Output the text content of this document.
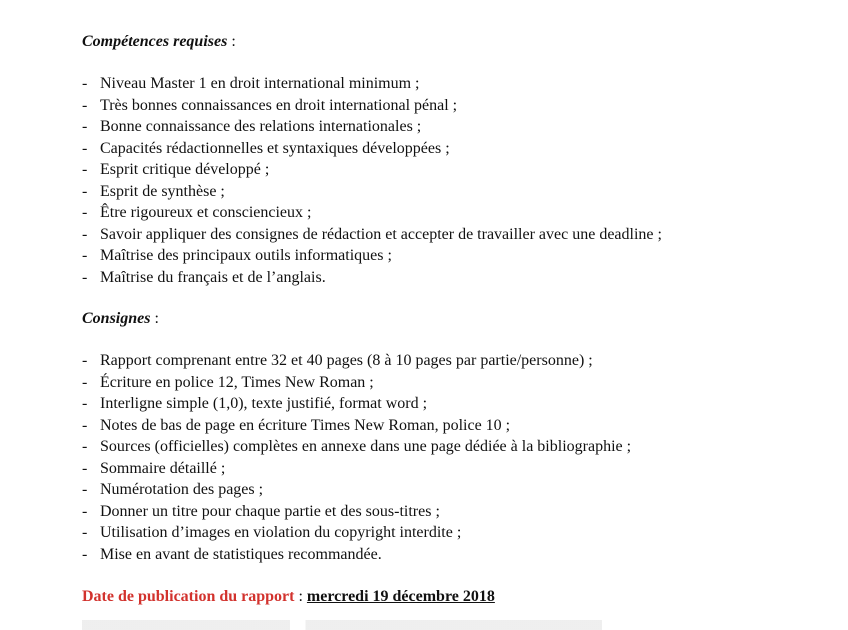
Compétences requises :

- Niveau Master 1 en droit international minimum ;
- Très bonnes connaissances en droit international pénal ;
- Bonne connaissance des relations internationales ;
- Capacités rédactionnelles et syntaxiques développées ;
- Esprit critique développé ;
- Esprit de synthèse ;
- Être rigoureux et consciencieux ;
- Savoir appliquer des consignes de rédaction et accepter de travailler avec une deadline ;
- Maîtrise des principaux outils informatiques ;
- Maîtrise du français et de l’anglais.

Consignes :

- Rapport comprenant entre 32 et 40 pages (8 à 10 pages par partie/personne) ;
- Écriture en police 12, Times New Roman ;
- Interligne simple (1,0), texte justifié, format word ;
- Notes de bas de page en écriture Times New Roman, police 10 ;
- Sources (officielles) complètes en annexe dans une page dédiée à la bibliographie ;
- Sommaire détaillé ;
- Numérotation des pages ;
- Donner un titre pour chaque partie et des sous-titres ;
- Utilisation d’images en violation du copyright interdite ;
- Mise en avant de statistiques recommandée.

Date de publication du rapport : mercredi 19 décembre 2018
